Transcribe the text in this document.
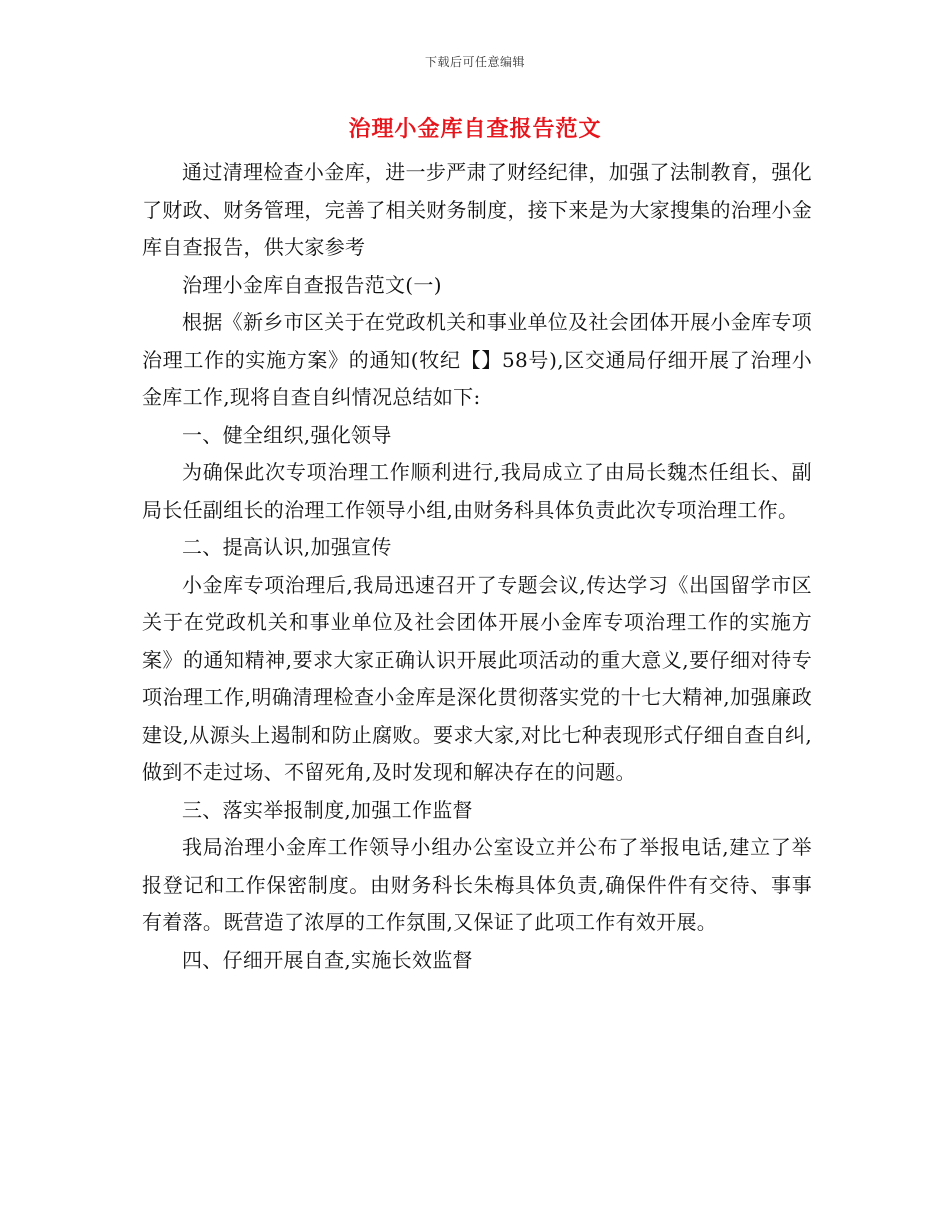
下载后可任意编辑
治理小金库自查报告范文

通过清理检查小金库，进一步严肃了财经纪律，加强了法制教育，强化了财政、财务管理，完善了相关财务制度，接下来是为大家搜集的治理小金库自查报告，供大家参考

治理小金库自查报告范文(一)

根据《新乡市区关于在党政机关和事业单位及社会团体开展小金库专项治理工作的实施方案》的通知(牧纪【】58号),区交通局仔细开展了治理小金库工作,现将自查自纠情况总结如下:

一、健全组织,强化领导

为确保此次专项治理工作顺利进行,我局成立了由局长魏杰任组长、副局长任副组长的治理工作领导小组,由财务科具体负责此次专项治理工作。

二、提高认识,加强宣传

小金库专项治理后,我局迅速召开了专题会议,传达学习《出国留学市区关于在党政机关和事业单位及社会团体开展小金库专项治理工作的实施方案》的通知精神,要求大家正确认识开展此项活动的重大意义,要仔细对待专项治理工作,明确清理检查小金库是深化贯彻落实党的十七大精神,加强廉政建设,从源头上遏制和防止腐败。要求大家,对比七种表现形式仔细自查自纠,做到不走过场、不留死角,及时发现和解决存在的问题。

三、落实举报制度,加强工作监督

我局治理小金库工作领导小组办公室设立并公布了举报电话,建立了举报登记和工作保密制度。由财务科长朱梅具体负责,确保件件有交待、事事有着落。既营造了浓厚的工作氛围,又保证了此项工作有效开展。

四、仔细开展自查,实施长效监督
